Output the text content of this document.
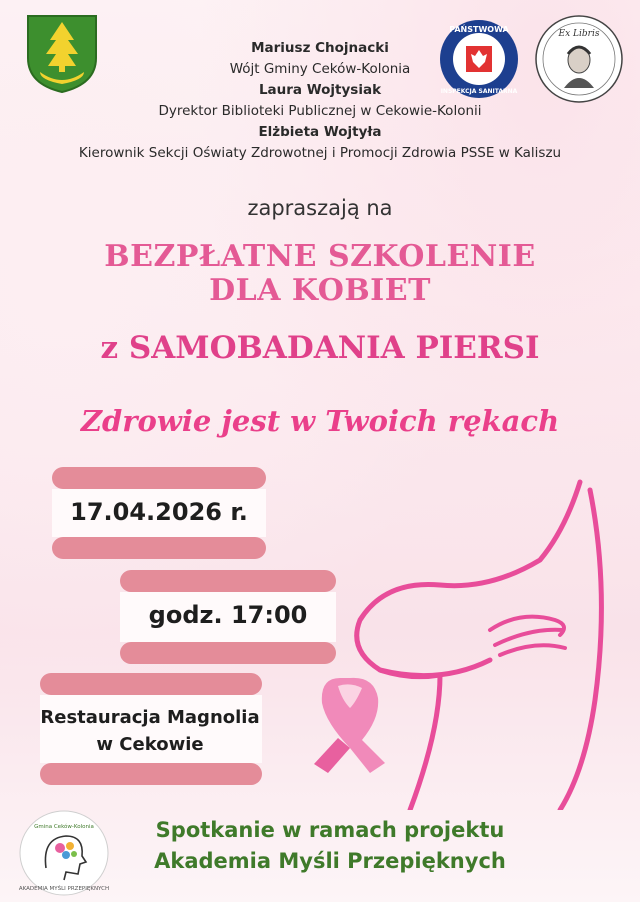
PAŃSTWOWA
INSPEKCJA SANITARNA
Ex Libris
Mariusz Chojnacki
Wójt Gminy Ceków-Kolonia
Laura Wojtysiak
Dyrektor Biblioteki Publicznej w Cekowie-Kolonii
Elżbieta Wojtyła
Kierownik Sekcji Oświaty Zdrowotnej i Promocji Zdrowia PSSE w Kaliszu
zapraszają na
BEZPŁATNE SZKOLENIE
DLA KOBIET
z SAMOBADANIA PIERSI
Zdrowie jest w Twoich rękach
17.04.2026 r.
godz. 17:00
Restauracja Magnolia
w Cekowie
Gmina Ceków-Kolonia
AKADEMIA MYŚLI PRZEPIĘKNYCH
Spotkanie w ramach projektu
Akademia Myśli Przepięknych
